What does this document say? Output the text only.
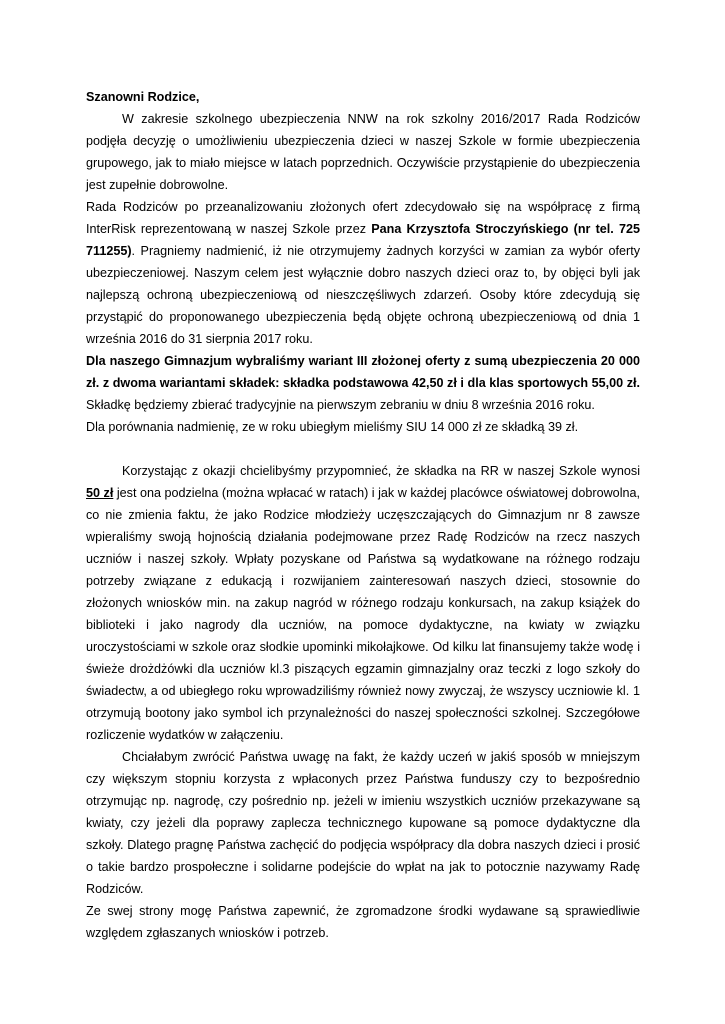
Szanowni Rodzice,

W zakresie szkolnego ubezpieczenia NNW na rok szkolny 2016/2017 Rada Rodziców podjęła decyzję o umożliwieniu ubezpieczenia dzieci w naszej Szkole w formie ubezpieczenia grupowego, jak to miało miejsce w latach poprzednich. Oczywiście przystąpienie do ubezpieczenia jest zupełnie dobrowolne.

Rada Rodziców po przeanalizowaniu złożonych ofert zdecydowało się na współpracę z firmą InterRisk reprezentowaną w naszej Szkole przez Pana Krzysztofa Stroczyńskiego (nr tel. 725 711255). Pragniemy nadmienić, iż nie otrzymujemy żadnych korzyści w zamian za wybór oferty ubezpieczeniowej. Naszym celem jest wyłącznie dobro naszych dzieci oraz to, by objęci byli jak najlepszą ochroną ubezpieczeniową od nieszczęśliwych zdarzeń. Osoby które zdecydują się przystąpić do proponowanego ubezpieczenia będą objęte ochroną ubezpieczeniową od dnia 1 września 2016 do 31 sierpnia 2017 roku.

Dla naszego Gimnazjum wybraliśmy wariant III złożonej oferty z sumą ubezpieczenia 20 000 zł. z dwoma wariantami składek: składka podstawowa 42,50 zł i dla klas sportowych 55,00 zł. Składkę będziemy zbierać tradycyjnie na pierwszym zebraniu w dniu 8 września 2016 roku.

Dla porównania nadmienię, ze w roku ubiegłym mieliśmy SIU 14 000 zł ze składką 39 zł.

Korzystając z okazji chcielibyśmy przypomnieć, że składka na RR w naszej Szkole wynosi 50 zł jest ona podzielna (można wpłacać w ratach) i jak w każdej placówce oświatowej dobrowolna, co nie zmienia faktu, że jako Rodzice młodzieży uczęszczających do Gimnazjum nr 8 zawsze wpieraliśmy swoją hojnością działania podejmowane przez Radę Rodziców na rzecz naszych uczniów i naszej szkoły. Wpłaty pozyskane od Państwa są wydatkowane na różnego rodzaju potrzeby związane z edukacją i rozwijaniem zainteresowań naszych dzieci, stosownie do złożonych wniosków min. na zakup nagród w różnego rodzaju konkursach, na zakup książek do biblioteki i jako nagrody dla uczniów, na pomoce dydaktyczne, na kwiaty w związku uroczystościami w szkole oraz słodkie upominki mikołajkowe. Od kilku lat finansujemy także wodę i świeże drożdżówki dla uczniów kl.3 piszących egzamin gimnazjalny oraz teczki z logo szkoły do świadectw, a od ubiegłego roku wprowadziliśmy również nowy zwyczaj, że wszyscy uczniowie kl. 1 otrzymują bootony jako symbol ich przynależności do naszej społeczności szkolnej. Szczegółowe rozliczenie wydatków w załączeniu.

Chciałabym zwrócić Państwa uwagę na fakt, że każdy uczeń w jakiś sposób w mniejszym czy większym stopniu korzysta z wpłaconych przez Państwa funduszy czy to bezpośrednio otrzymując np. nagrodę, czy pośrednio np. jeżeli w imieniu wszystkich uczniów przekazywane są kwiaty, czy jeżeli dla poprawy zaplecza technicznego kupowane są pomoce dydaktyczne dla szkoły. Dlatego pragnę Państwa zachęcić do podjęcia współpracy dla dobra naszych dzieci i prosić o takie bardzo prospołeczne i solidarne podejście do wpłat na jak to potocznie nazywamy Radę Rodziców.

Ze swej strony mogę Państwa zapewnić, że zgromadzone środki wydawane są sprawiedliwie względem zgłaszanych wniosków i potrzeb.
